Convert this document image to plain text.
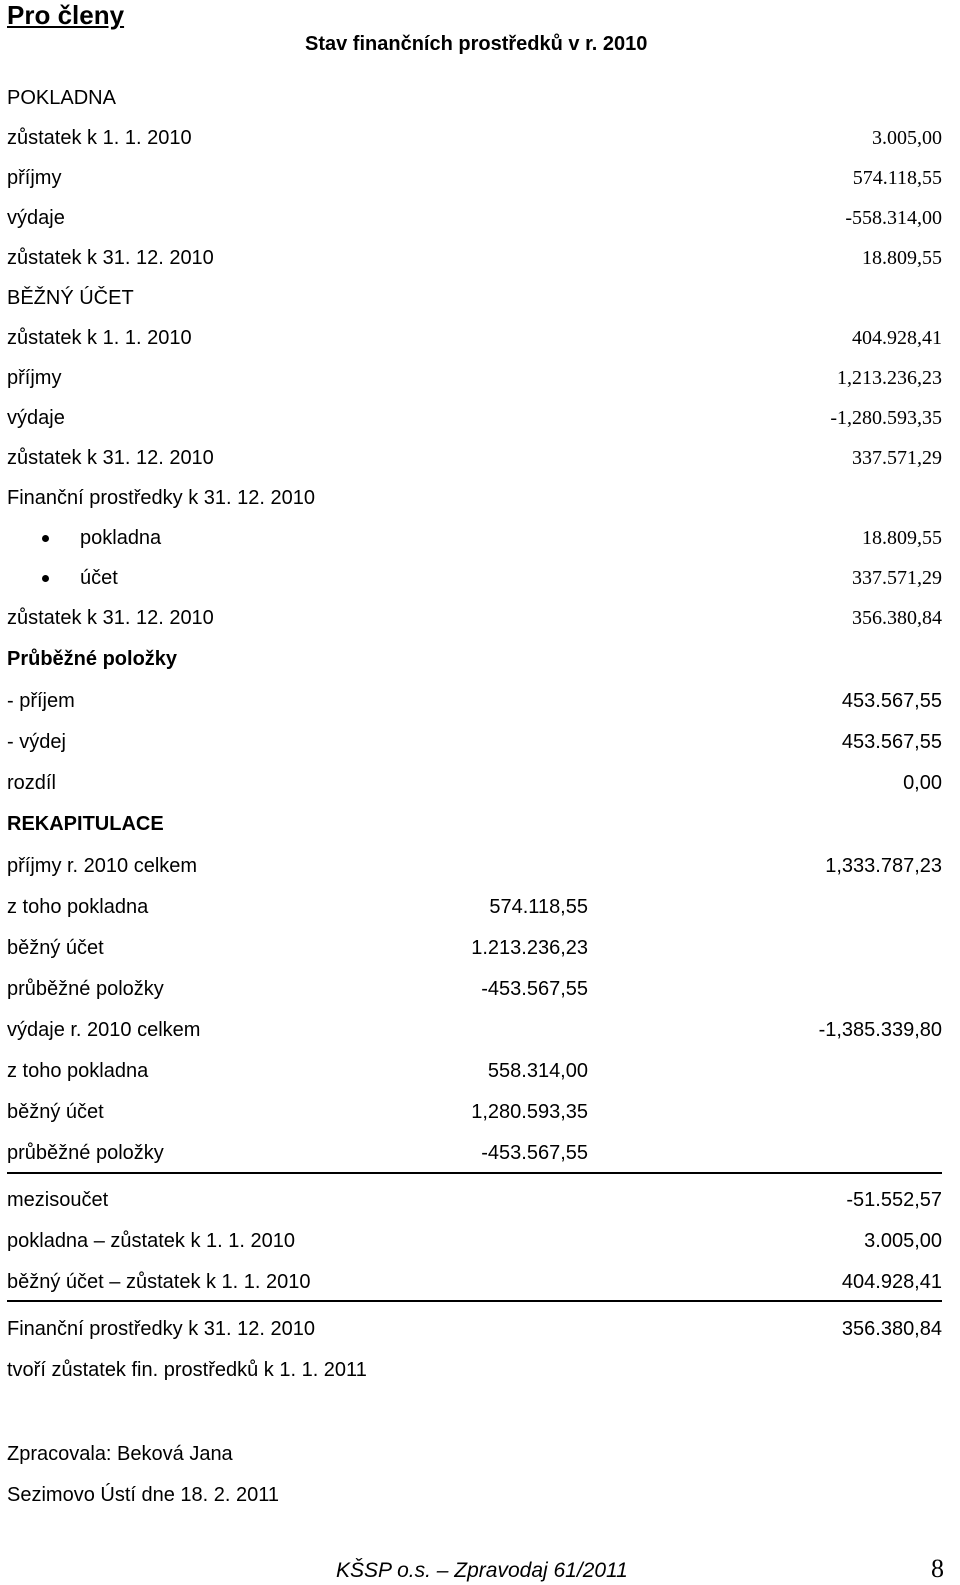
Pro členy
Stav finančních prostředků v r. 2010
POKLADNA
zůstatek k 1. 1. 2010	3.005,00
příjmy	574.118,55
výdaje	-558.314,00
zůstatek k 31. 12. 2010	18.809,55
BĚŽNÝ ÚČET
zůstatek k 1. 1. 2010	404.928,41
příjmy	1,213.236,23
výdaje	-1,280.593,35
zůstatek k 31. 12. 2010	337.571,29
Finanční prostředky k 31. 12. 2010
pokladna	18.809,55
účet	337.571,29
zůstatek k 31. 12. 2010	356.380,84
Průběžné položky
- příjem	453.567,55
- výdej	453.567,55
rozdíl	0,00
REKAPITULACE
příjmy r. 2010 celkem	1,333.787,23
z toho pokladna	574.118,55
běžný účet	1.213.236,23
průběžné položky	-453.567,55
výdaje r. 2010 celkem	-1,385.339,80
z toho pokladna	558.314,00
běžný účet	1,280.593,35
průběžné položky	-453.567,55
mezisoučet	-51.552,57
pokladna – zůstatek k 1. 1. 2010	3.005,00
běžný účet – zůstatek k 1. 1. 2010	404.928,41
Finanční prostředky k 31. 12. 2010	356.380,84
tvoří zůstatek fin. prostředků k 1. 1. 2011
Zpracovala: Beková Jana
Sezimovo Ústí dne 18. 2. 2011
KŠSP o.s. – Zpravodaj 61/2011	8
